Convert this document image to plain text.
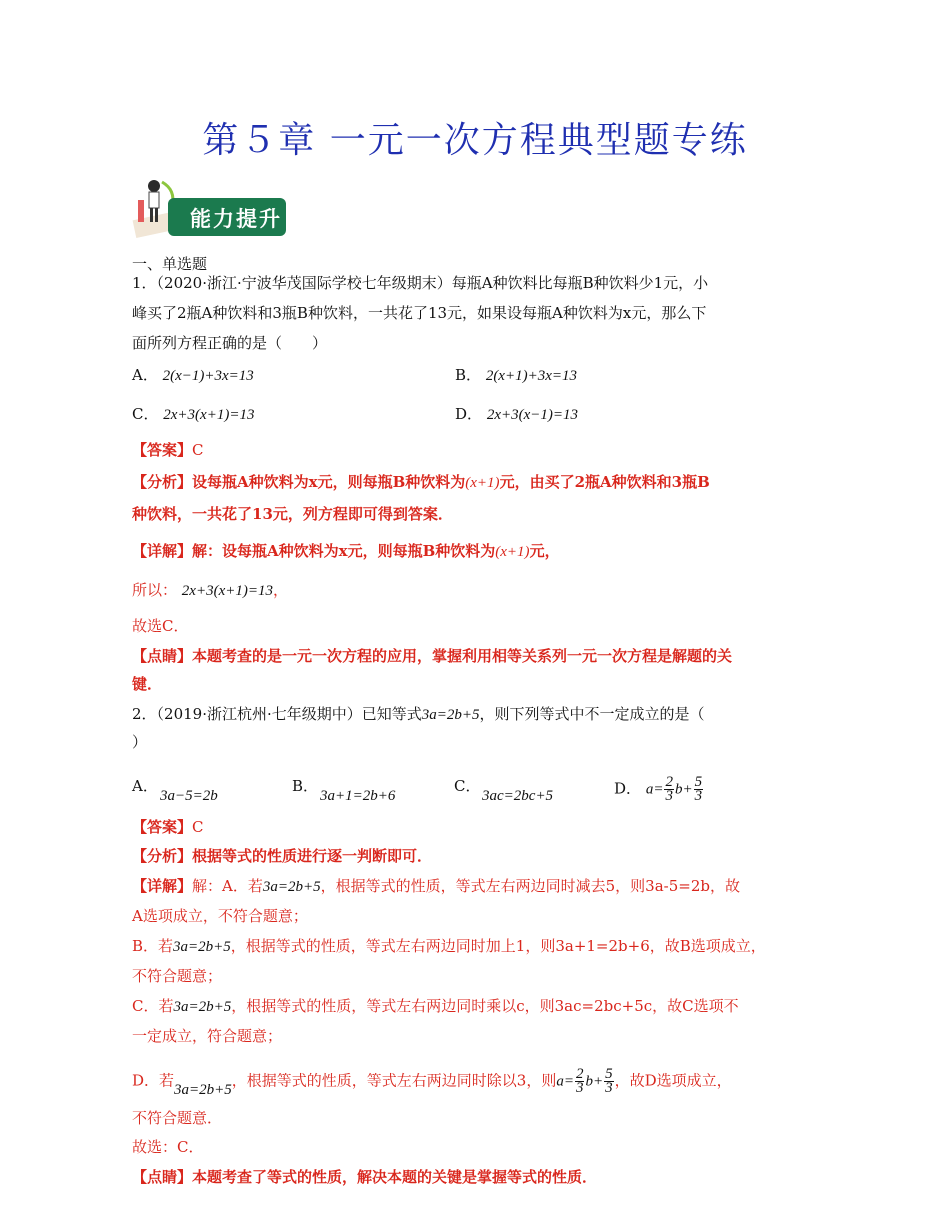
第５章 一元一次方程典型题专练
能力提升
一、单选题
1．（2020·浙江·宁波华茂国际学校七年级期末）每瓶A种饮料比每瓶B种饮料少1元，小
峰买了2瓶A种饮料和3瓶B种饮料，一共花了13元，如果设每瓶A种饮料为x元，那么下
面所列方程正确的是（　　）
A． 2(x−1)+3x=13	B． 2(x+1)+3x=13
C． 2x+3(x+1)=13	D． 2x+3(x−1)=13
【答案】C
【分析】设每瓶A种饮料为x元，则每瓶B种饮料为(x+1)元，由买了2瓶A种饮料和3瓶B
种饮料，一共花了13元，列方程即可得到答案．
【详解】解：设每瓶A种饮料为x元，则每瓶B种饮料为(x+1)元，
所以： 2x+3(x+1)=13，
故选C．
【点睛】本题考查的是一元一次方程的应用，掌握利用相等关系列一元一次方程是解题的关
键．
2．（2019·浙江杭州·七年级期中）已知等式3a=2b+5，则下列等式中不一定成立的是（
）
A．
3a−5=2b
B．
3a+1=2b+6
C．
3ac=2bc+5	D． $a= \frac{2}{3} b+ \frac{5}{3}$
【答案】C
【分析】根据等式的性质进行逐一判断即可．
【详解】解：A．若3a=2b+5，根据等式的性质，等式左右两边同时减去5，则3a-5=2b，故
A选项成立，不符合题意；
B．若3a=2b+5，根据等式的性质，等式左右两边同时加上1，则3a+1=2b+6，故B选项成立，
不符合题意；
C．若3a=2b+5，根据等式的性质，等式左右两边同时乘以c，则3ac=2bc+5c，故C选项不
一定成立，符合题意；
D．若3a=2b+5，根据等式的性质，等式左右两边同时除以3，则$a= \frac{2}{3} b+ \frac{5}{3}$ ，故D选项成立，
不符合题意．
故选：C．
【点睛】本题考查了等式的性质，解决本题的关键是掌握等式的性质．
